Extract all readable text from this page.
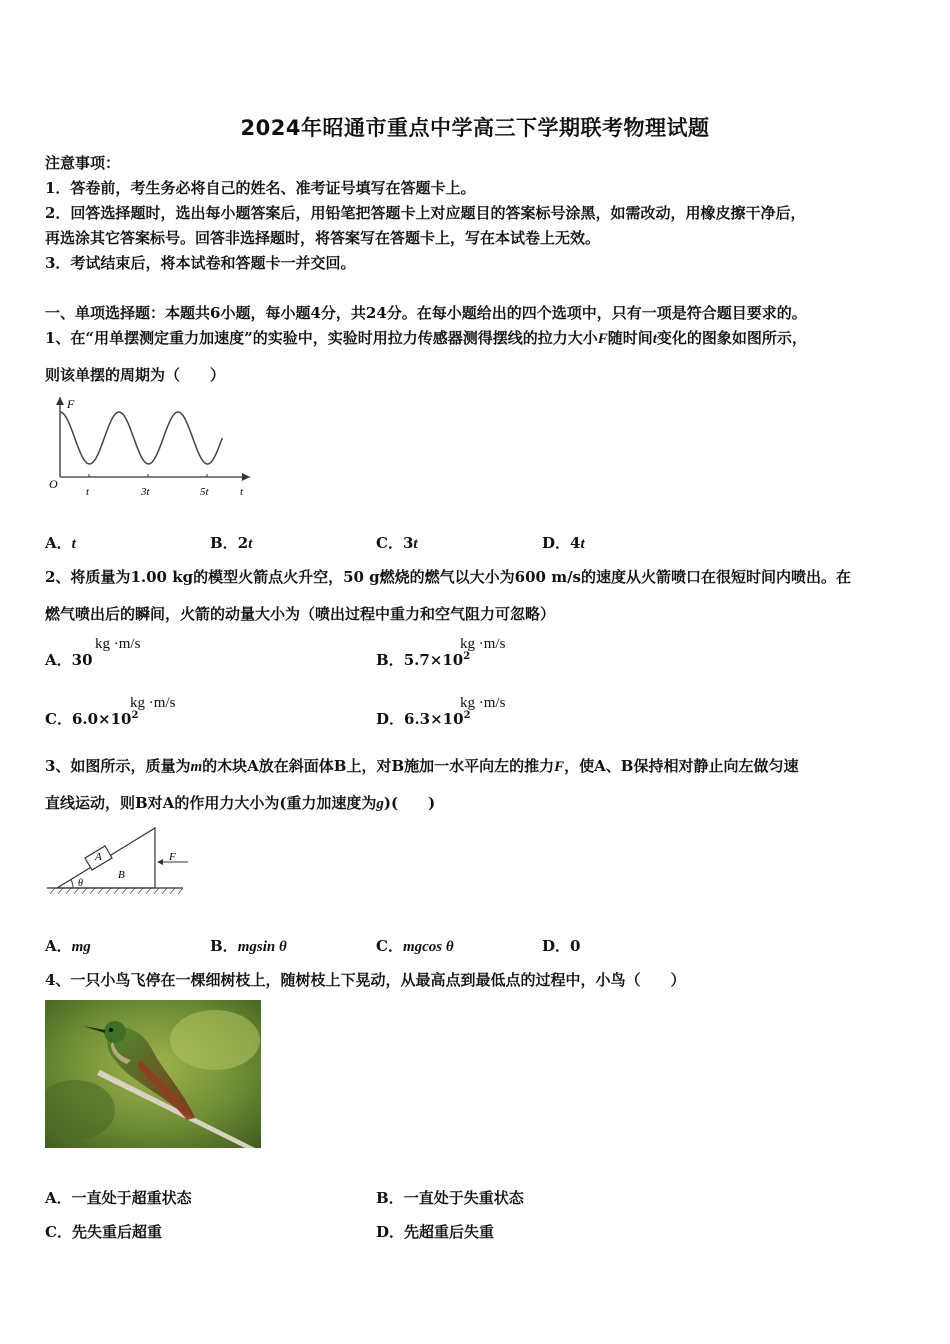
2024年昭通市重点中学高三下学期联考物理试题
注意事项：
1．答卷前，考生务必将自己的姓名、准考证号填写在答题卡上。
2．回答选择题时，选出每小题答案后，用铅笔把答题卡上对应题目的答案标号涂黑，如需改动，用橡皮擦干净后，
再选涂其它答案标号。回答非选择题时，将答案写在答题卡上，写在本试卷上无效。
3．考试结束后，将本试卷和答题卡一并交回。
一、单项选择题：本题共6小题，每小题4分，共24分。在每小题给出的四个选项中，只有一项是符合题目要求的。
1、在“用单摆测定重力加速度”的实验中，实验时用拉力传感器测得摆线的拉力大小F随时间t变化的图象如图所示，
则该单摆的周期为（　　）
F
O
t	3t	5t	t
A．t	B．2t	C．3t	D．4t
2、将质量为1.00 kg的模型火箭点火升空，50 g燃烧的燃气以大小为600 m/s的速度从火箭喷口在很短时间内喷出。在
燃气喷出后的瞬间，火箭的动量大小为（喷出过程中重力和空气阻力可忽略）
A．30
kg ·m/s
B．$5.7\times 10^2$
kg ·m/s
C．$6.0\times 10^2$
kg ·m/s
D．$6.3\times 10^2$
kg ·m/s
3、如图所示，质量为m的木块A放在斜面体B上，对B施加一水平向左的推力F，使A、B保持相对静止向左做匀速
直线运动，则B对A的作用力大小为(重力加速度为g)(　　)
A
B
F
θ
A．mg	B．mgsin θ	C．mgcos θ	D．0
4、一只小鸟飞停在一棵细树枝上，随树枝上下晃动，从最高点到最低点的过程中，小鸟（　　）
A．一直处于超重状态	B．一直处于失重状态
C．先失重后超重	D．先超重后失重
